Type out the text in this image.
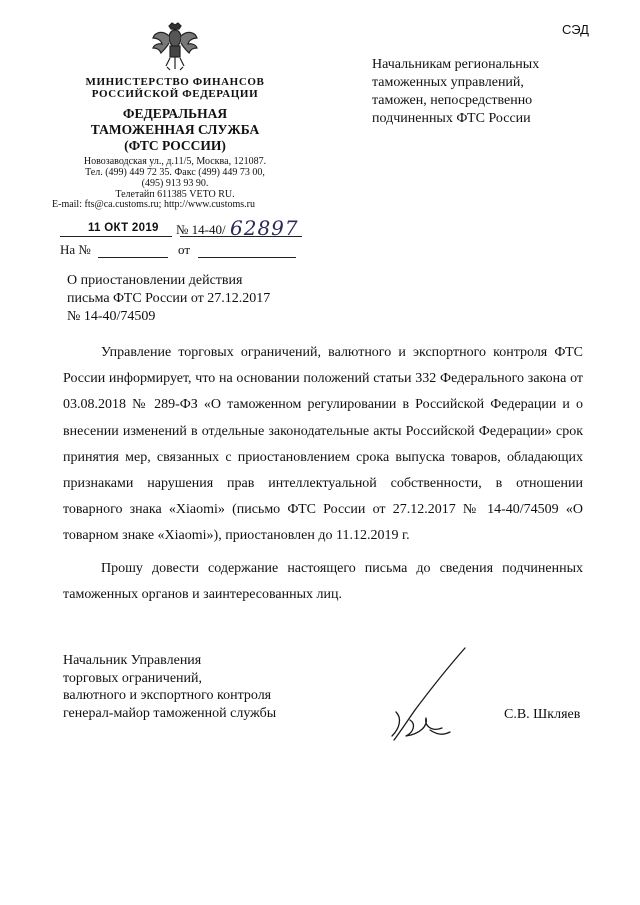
СЭД
МИНИСТЕРСТВО ФИНАНСОВ
РОССИЙСКОЙ ФЕДЕРАЦИИ
ФЕДЕРАЛЬНАЯ
ТАМОЖЕННАЯ СЛУЖБА
(ФТС РОССИИ)
Новозаводская ул., д.11/5, Москва, 121087.
Тел. (499) 449 72 35. Факс (499) 449 73 00,
(495) 913 93 90.
Телетайп 611385 VETO RU.
E-mail: fts@ca.customs.ru; http://www.customs.ru
Начальникам региональных
таможенных управлений,
таможен, непосредственно
подчиненных ФТС России
11 ОКТ 2019 № 14-40/ 62897
На №	от
О приостановлении действия
письма ФТС России от 27.12.2017
№ 14-40/74509

Управление торговых ограничений, валютного и экспортного контроля ФТС России информирует, что на основании положений статьи 332 Федерального закона от 03.08.2018 № 289-ФЗ «О таможенном регулировании в Российской Федерации и о внесении изменений в отдельные законодательные акты Российской Федерации» срок принятия мер, связанных с приостановлением срока выпуска товаров, обладающих признаками нарушения прав интеллектуальной собственности, в отношении товарного знака «Xiaomi» (письмо ФТС России от 27.12.2017 № 14-40/74509 «О товарном знаке «Xiaomi»), приостановлен до 11.12.2019 г.

Прошу довести содержание настоящего письма до сведения подчиненных таможенных органов и заинтересованных лиц.

Начальник Управления
торговых ограничений,
валютного и экспортного контроля
генерал-майор таможенной службы	С.В. Шкляев
